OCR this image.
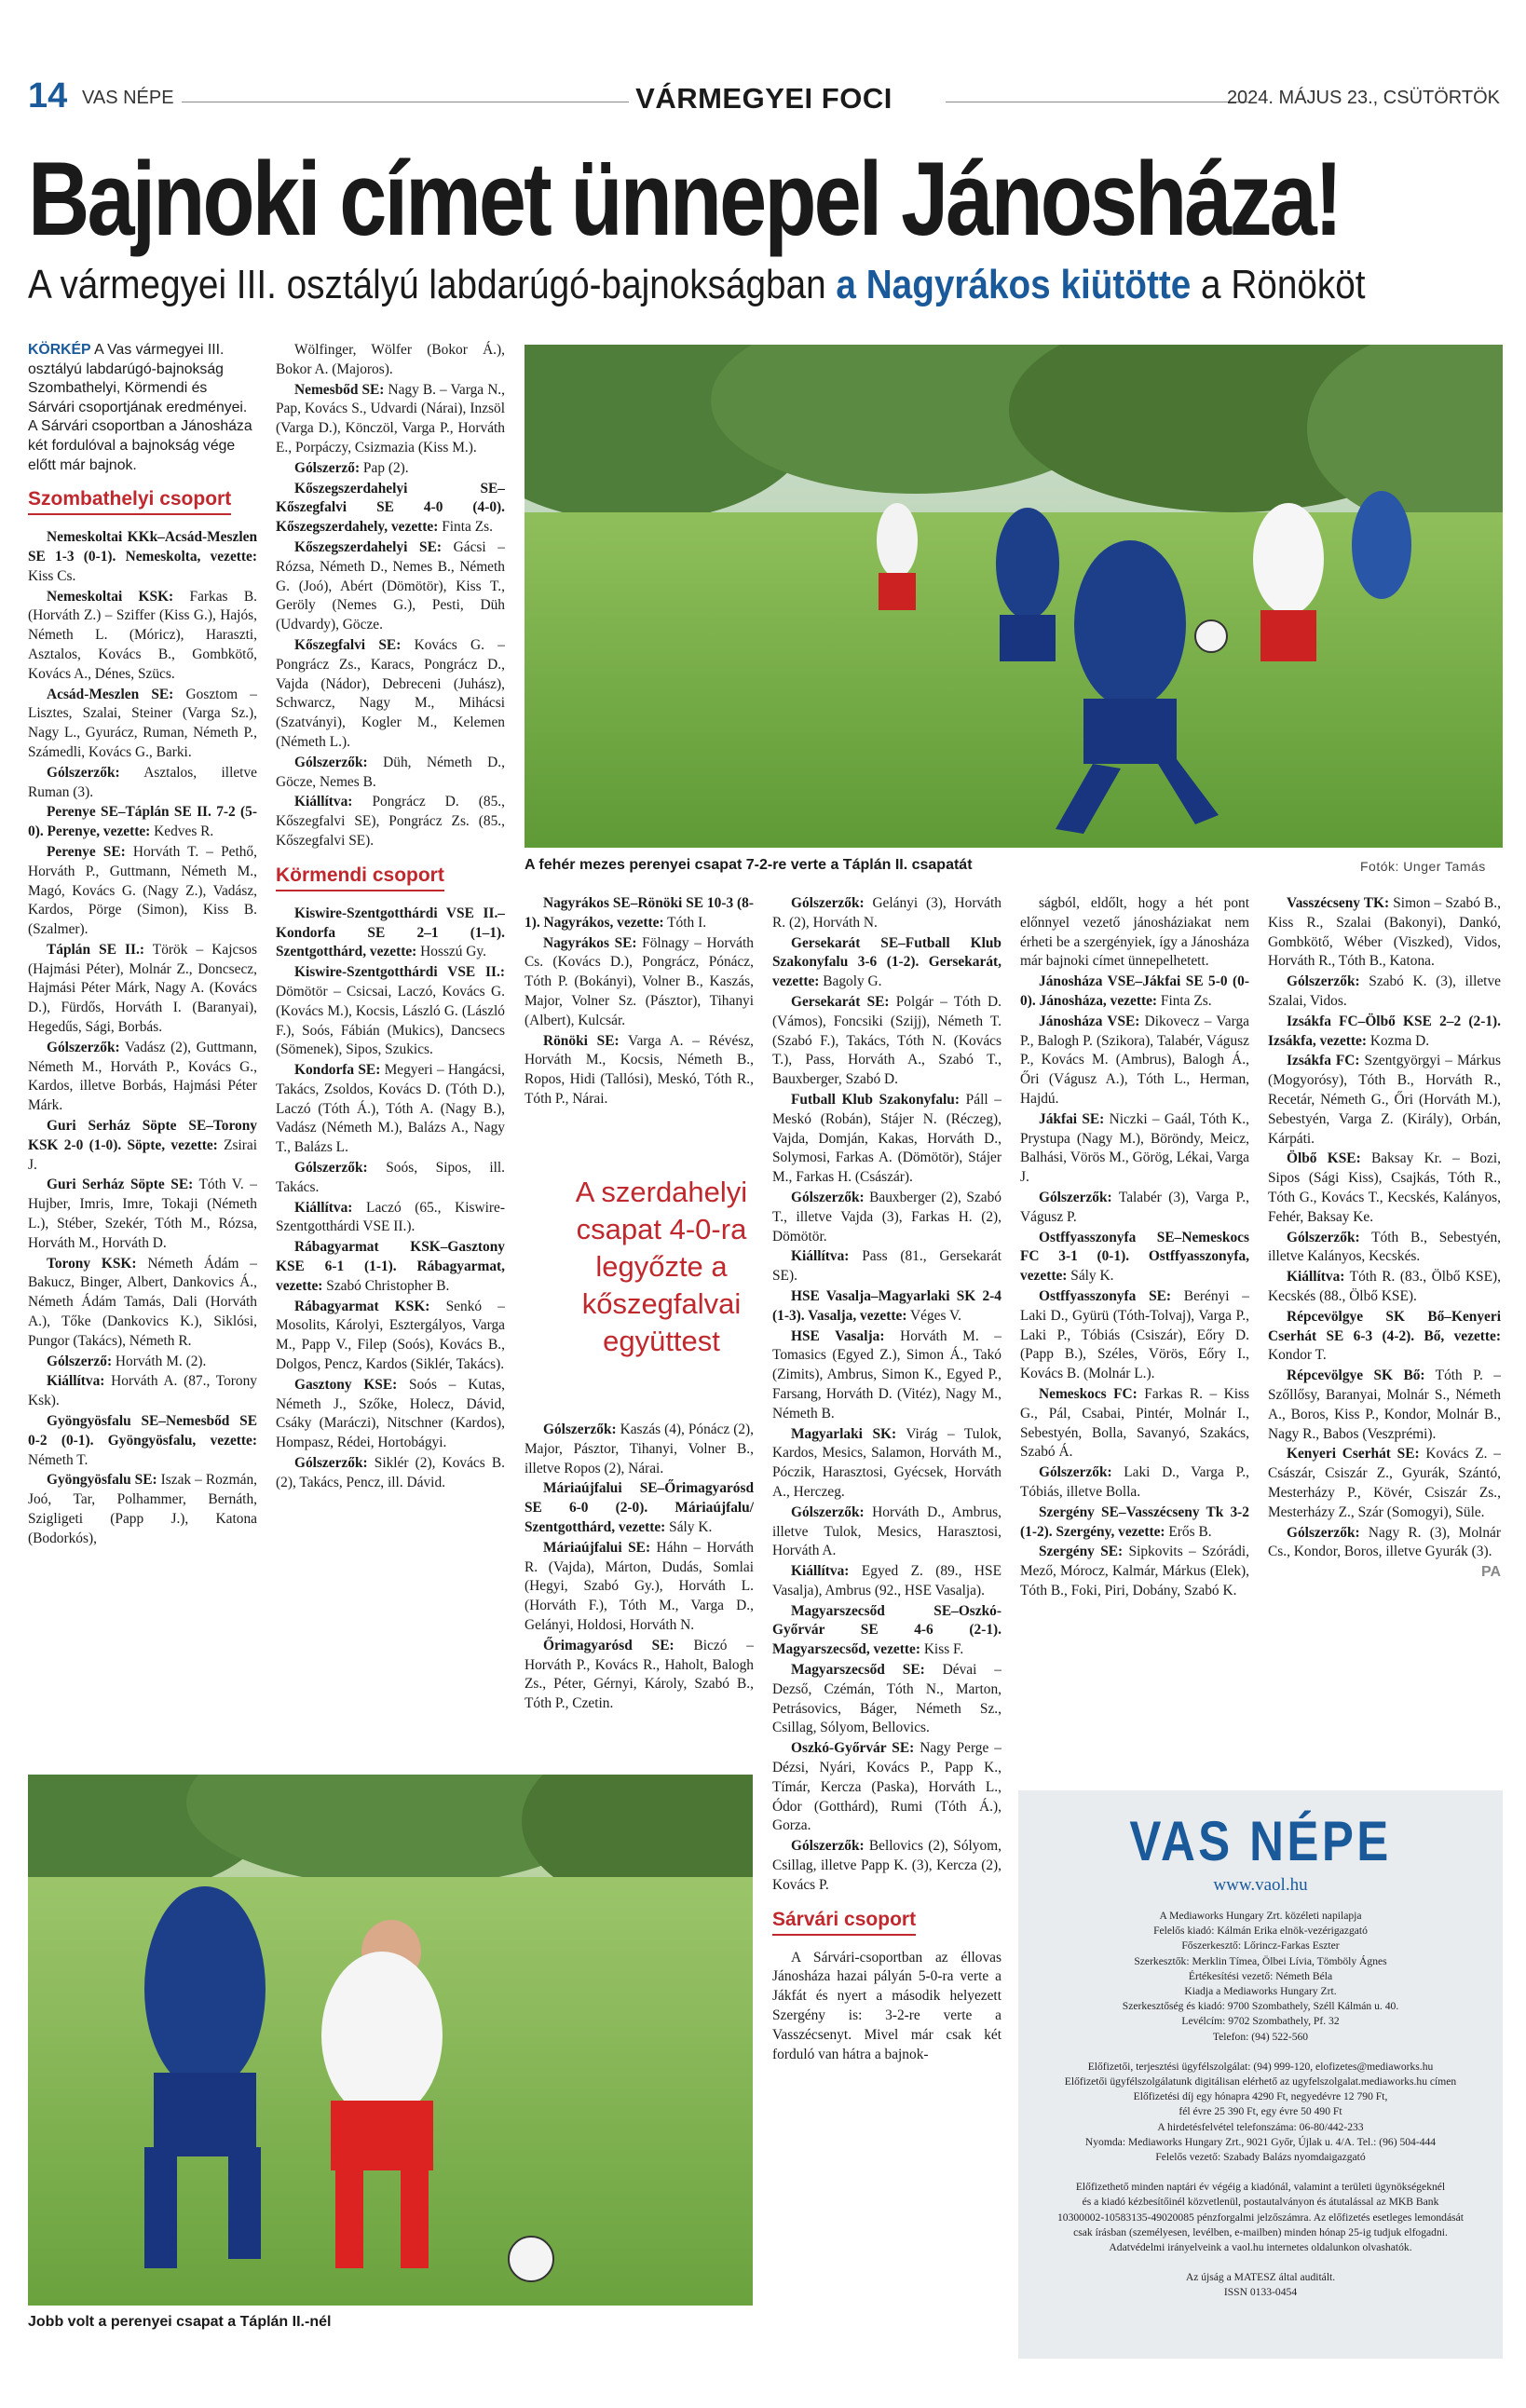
14 VAS NÉPE	VÁRMEGYEI FOCI	2024. MÁJUS 23., CSÜTÖRTÖK
Bajnoki címet ünnepel Jánosháza!
A vármegyei III. osztályú labdarúgó-bajnokságban a Nagyrákos kiütötte a Rönököt

KÖRKÉP A Vas vármegyei III. osztályú labdarúgó-bajnokság Szombathelyi, Körmendi és Sárvári csoportjának eredményei. A Sárvári csoportban a Jánosháza két fordulóval a bajnokság vége előtt már bajnok.

Szombathelyi csoport

Nemeskoltai KKk–Acsád-Meszlen SE 1-3 (0-1). Nemeskolta, vezette: Kiss Cs.

Nemeskoltai KSK: Farkas B. (Horváth Z.) – Sziffer (Kiss G.), Hajós, Németh L. (Móricz), Haraszti, Asztalos, Kovács B., Gombkötő, Kovács A., Dénes, Szücs.

Acsád-Meszlen SE: Gosztom – Lisztes, Szalai, Steiner (Varga Sz.), Nagy L., Gyurácz, Ruman, Németh P., Számedli, Kovács G., Barki.

Gólszerzők: Asztalos, illetve Ruman (3).

Perenye SE–Táplán SE II. 7-2 (5-0). Perenye, vezette: Kedves R.

Perenye SE: Horváth T. – Pethő, Horváth P., Guttmann, Németh M., Magó, Kovács G. (Nagy Z.), Vadász, Kardos, Pörge (Simon), Kiss B. (Szalmer).

Táplán SE II.: Török – Kajcsos (Hajmási Péter), Molnár Z., Doncsecz, Hajmási Péter Márk, Nagy A. (Kovács D.), Fürdős, Horváth I. (Baranyai), Hegedűs, Sági, Borbás.

Gólszerzők: Vadász (2), Guttmann, Németh M., Horváth P., Kovács G., Kardos, illetve Borbás, Hajmási Péter Márk.

Guri Serház Söpte SE–Torony KSK 2-0 (1-0). Söpte, vezette: Zsirai J.

Guri Serház Söpte SE: Tóth V. – Hujber, Imris, Imre, Tokaji (Németh L.), Stéber, Szekér, Tóth M., Rózsa, Horváth M., Horváth D.

Torony KSK: Németh Ádám – Bakucz, Binger, Albert, Dankovics Á., Németh Ádám Tamás, Dali (Horváth A.), Tőke (Dankovics K.), Siklósi, Pungor (Takács), Németh R.

Gólszerző: Horváth M. (2).

Kiállítva: Horváth A. (87., Torony Ksk).

Gyöngyösfalu SE–Nemesbőd SE 0-2 (0-1). Gyöngyösfalu, vezette: Németh T.

Gyöngyösfalu SE: Iszak – Rozmán, Joó, Tar, Polhammer, Bernáth, Szigligeti (Papp J.), Katona (Bodorkós),

Wölfinger, Wölfer (Bokor Á.), Bokor A. (Majoros).

Nemesbőd SE: Nagy B. – Varga N., Pap, Kovács S., Udvardi (Nárai), Inzsöl (Varga D.), Könczöl, Varga P., Horváth E., Porpáczy, Csizmazia (Kiss M.).

Gólszerző: Pap (2).

Kőszegszerdahelyi SE–Kőszegfalvi SE 4-0 (4-0). Kőszegszerdahely, vezette: Finta Zs.

Kőszegszerdahelyi SE: Gácsi – Rózsa, Németh D., Nemes B., Németh G. (Joó), Abért (Dömötör), Kiss T., Geröly (Nemes G.), Pesti, Düh (Udvardy), Göcze.

Kőszegfalvi SE: Kovács G. – Pongrácz Zs., Karacs, Pongrácz D., Vajda (Nádor), Debreceni (Juhász), Schwarcz, Nagy M., Mihácsi (Szatványi), Kogler M., Kelemen (Németh L.).

Gólszerzők: Düh, Németh D., Göcze, Nemes B.

Kiállítva: Pongrácz D. (85., Kőszegfalvi SE), Pongrácz Zs. (85., Kőszegfalvi SE).

Körmendi csoport

Kiswire-Szentgotthárdi VSE II.–Kondorfa SE 2–1 (1–1). Szentgotthárd, vezette: Hosszú Gy.

Kiswire-Szentgotthárdi VSE II.: Dömötör – Csicsai, Laczó, Kovács G. (Kovács M.), Kocsis, László G. (László F.), Soós, Fábián (Mukics), Dancsecs (Sömenek), Sipos, Szukics.

Kondorfa SE: Megyeri – Hangácsi, Takács, Zsoldos, Kovács D. (Tóth D.), Laczó (Tóth Á.), Tóth A. (Nagy B.), Vadász (Németh M.), Balázs A., Nagy T., Balázs L.

Gólszerzők: Soós, Sipos, ill. Takács.

Kiállítva: Laczó (65., Kiswire-Szentgotthárdi VSE II.).

Rábagyarmat KSK–Gasztony KSE 6-1 (1-1). Rábagyarmat, vezette: Szabó Christopher B.

Rábagyarmat KSK: Senkó – Mosolits, Károlyi, Esztergályos, Varga M., Papp V., Filep (Soós), Kovács B., Dolgos, Pencz, Kardos (Siklér, Takács).

Gasztony KSE: Soós – Kutas, Németh J., Szőke, Holecz, Dávid, Csáky (Maráczi), Nitschner (Kardos), Hompasz, Rédei, Hortobágyi.

Gólszerzők: Siklér (2), Kovács B. (2), Takács, Pencz, ill. Dávid.

A fehér mezes perenyei csapat 7-2-re verte a Táplán II. csapatát	Fotók: Unger Tamás

Nagyrákos SE–Rönöki SE 10-3 (8-1). Nagyrákos, vezette: Tóth I.

Nagyrákos SE: Fölnagy – Horváth Cs. (Kovács D.), Pongrácz, Pónácz, Tóth P. (Bokányi), Volner B., Kaszás, Major, Volner Sz. (Pásztor), Tihanyi (Albert), Kulcsár.

Rönöki SE: Varga A. – Révész, Horváth M., Kocsis, Németh B., Ropos, Hidi (Tallósi), Meskó, Tóth R., Tóth P., Nárai.

A szerdahelyi csapat 4-0-ra legyőzte a kőszegfalvai együttest

Gólszerzők: Kaszás (4), Pónácz (2), Major, Pásztor, Tihanyi, Volner B., illetve Ropos (2), Nárai.

Máriaújfalui SE–Őrimagyarósd SE 6-0 (2-0). Máriaújfalu/ Szentgotthárd, vezette: Sály K.

Máriaújfalui SE: Háhn – Horváth R. (Vajda), Márton, Dudás, Somlai (Hegyi, Szabó Gy.), Horváth L. (Horváth F.), Tóth M., Varga D., Gelányi, Holdosi, Horváth N.

Őrimagyarósd SE: Biczó – Horváth P., Kovács R., Haholt, Balogh Zs., Péter, Gérnyi, Károly, Szabó B., Tóth P., Czetin.

Gólszerzők: Gelányi (3), Horváth R. (2), Horváth N.

Gersekarát SE–Futball Klub Szakonyfalu 3-6 (1-2). Gersekarát, vezette: Bagoly G.

Gersekarát SE: Polgár – Tóth D. (Vámos), Foncsiki (Szijj), Németh T. (Szabó F.), Takács, Tóth N. (Kovács T.), Pass, Horváth A., Szabó T., Bauxberger, Szabó D.

Futball Klub Szakonyfalu: Páll – Meskó (Robán), Stájer N. (Réczeg), Vajda, Domján, Kakas, Horváth D., Solymosi, Farkas A. (Dömötör), Stájer M., Farkas H. (Császár).

Gólszerzők: Bauxberger (2), Szabó T., illetve Vajda (3), Farkas H. (2), Dömötör.

Kiállítva: Pass (81., Gersekarát SE).

HSE Vasalja–Magyarlaki SK 2-4 (1-3). Vasalja, vezette: Véges V.

HSE Vasalja: Horváth M. – Tomasics (Egyed Z.), Simon Á., Takó (Zimits), Ambrus, Simon K., Egyed P., Farsang, Horváth D. (Vitéz), Nagy M., Németh B.

Magyarlaki SK: Virág – Tulok, Kardos, Mesics, Salamon, Horváth M., Póczik, Harasztosi, Gyécsek, Horváth A., Herczeg.

Gólszerzők: Horváth D., Ambrus, illetve Tulok, Mesics, Harasztosi, Horváth A.

Kiállítva: Egyed Z. (89., HSE Vasalja), Ambrus (92., HSE Vasalja).

Magyarszecsőd SE–Oszkó-Győrvár SE 4-6 (2-1). Magyarszecsőd, vezette: Kiss F.

Magyarszecsőd SE: Dévai – Dezső, Czémán, Tóth N., Marton, Petrásovics, Báger, Németh Sz., Csillag, Sólyom, Bellovics.

Oszkó-Győrvár SE: Nagy Perge – Dézsi, Nyári, Kovács P., Papp K., Tímár, Kercza (Paska), Horváth L., Ódor (Gotthárd), Rumi (Tóth Á.), Gorza.

Gólszerzők: Bellovics (2), Sólyom, Csillag, illetve Papp K. (3), Kercza (2), Kovács P.

Sárvári csoport

A Sárvári-csoportban az éllovas Jánosháza hazai pályán 5-0-ra verte a Jákfát és nyert a második helyezett Szergény is: 3-2-re verte a Vasszécsenyt. Mivel már csak két forduló van hátra a bajnok-

ságból, eldőlt, hogy a hét pont előnnyel vezető jánosháziakat nem érheti be a szergényiek, így a Jánosháza már bajnoki címet ünnepelhetett.

Jánosháza VSE–Jákfai SE 5-0 (0-0). Jánosháza, vezette: Finta Zs.

Jánosháza VSE: Dikovecz – Varga P., Balogh P. (Szikora), Talabér, Vágusz P., Kovács M. (Ambrus), Balogh Á., Őri (Vágusz A.), Tóth L., Herman, Hajdú.

Jákfai SE: Niczki – Gaál, Tóth K., Prystupa (Nagy M.), Böröndy, Meicz, Balhási, Vörös M., Görög, Lékai, Varga J.

Gólszerzők: Talabér (3), Varga P., Vágusz P.

Ostffyasszonyfa SE–Nemeskocs FC 3-1 (0-1). Ostffyasszonyfa, vezette: Sály K.

Ostffyasszonyfa SE: Berényi – Laki D., Gyürü (Tóth-Tolvaj), Varga P., Laki P., Tóbiás (Csiszár), Eőry D. (Papp B.), Széles, Vörös, Eőry I., Kovács B. (Molnár L.).

Nemeskocs FC: Farkas R. – Kiss G., Pál, Csabai, Pintér, Molnár I., Sebestyén, Bolla, Savanyó, Szakács, Szabó Á.

Gólszerzők: Laki D., Varga P., Tóbiás, illetve Bolla.

Szergény SE–Vasszécseny Tk 3-2 (1-2). Szergény, vezette: Erős B.

Szergény SE: Sipkovits – Szórádi, Mező, Mórocz, Kalmár, Márkus (Elek), Tóth B., Foki, Piri, Dobány, Szabó K.

Vasszécseny TK: Simon – Szabó B., Kiss R., Szalai (Bakonyi), Dankó, Gombkötő, Wéber (Viszked), Vidos, Horváth R., Tóth B., Katona.

Gólszerzők: Szabó K. (3), illetve Szalai, Vidos.

Izsákfa FC–Ölbő KSE 2–2 (2-1). Izsákfa, vezette: Kozma D.

Izsákfa FC: Szentgyörgyi – Márkus (Mogyorósy), Tóth B., Horváth R., Recetár, Németh G., Őri (Horváth M.), Sebestyén, Varga Z. (Király), Orbán, Kárpáti.

Ölbő KSE: Baksay Kr. – Bozi, Sipos (Sági Kiss), Csajkás, Tóth R., Tóth G., Kovács T., Kecskés, Kalányos, Fehér, Baksay Ke.

Gólszerzők: Tóth B., Sebestyén, illetve Kalányos, Kecskés.

Kiállítva: Tóth R. (83., Ölbő KSE), Kecskés (88., Ölbő KSE).

Répcevölgye SK Bő–Kenyeri Cserhát SE 6-3 (4-2). Bő, vezette: Kondor T.

Répcevölgye SK Bő: Tóth P. – Szőllősy, Baranyai, Molnár S., Németh A., Boros, Kiss P., Kondor, Molnár B., Nagy R., Babos (Veszprémi).

Kenyeri Cserhát SE: Kovács Z. – Császár, Csiszár Z., Gyurák, Szántó, Mesterházy P., Kövér, Csiszár Zs., Mesterházy Z., Szár (Somogyi), Süle.

Gólszerzők: Nagy R. (3), Molnár Cs., Kondor, Boros, illetve Gyurák (3).

PA
Jobb volt a perenyei csapat a Táplán II.-nél
VAS NÉPE
www.vaol.hu
A Mediaworks Hungary Zrt. közéleti napilapja
Felelős kiadó: Kálmán Erika elnök-vezérigazgató
Főszerkesztő: Lőrincz-Farkas Eszter
Szerkesztők: Merklin Tímea, Ölbei Lívia, Tömböly Ágnes
Értékesítési vezető: Németh Béla
Kiadja a Mediaworks Hungary Zrt.
Szerkesztőség és kiadó: 9700 Szombathely, Széll Kálmán u. 40.
Levélcím: 9702 Szombathely, Pf. 32
Telefon: (94) 522-560
Előfizetői, terjesztési ügyfélszolgálat: (94) 999-120, elofizetes@mediaworks.hu
Előfizetői ügyfélszolgálatunk digitálisan elérhető az ugyfelszolgalat.mediaworks.hu címen
Előfizetési díj egy hónapra 4290 Ft, negyedévre 12 790 Ft,
fél évre 25 390 Ft, egy évre 50 490 Ft
A hirdetésfelvétel telefonszáma: 06-80/442-233
Nyomda: Mediaworks Hungary Zrt., 9021 Győr, Újlak u. 4/A. Tel.: (96) 504-444
Felelős vezető: Szabady Balázs nyomdaigazgató
Előfizethető minden naptári év végéig a kiadónál, valamint a területi ügynökségeknél
és a kiadó kézbesítőinél közvetlenül, postautalványon és átutalással az MKB Bank
10300002-10583135-49020085 pénzforgalmi jelzőszámra. Az előfizetés esetleges lemondását
csak írásban (személyesen, levélben, e-mailben) minden hónap 25-ig tudjuk elfogadni.
Adatvédelmi irányelveink a vaol.hu internetes oldalunkon olvashatók.
Az újság a MATESZ által auditált.
ISSN 0133-0454
